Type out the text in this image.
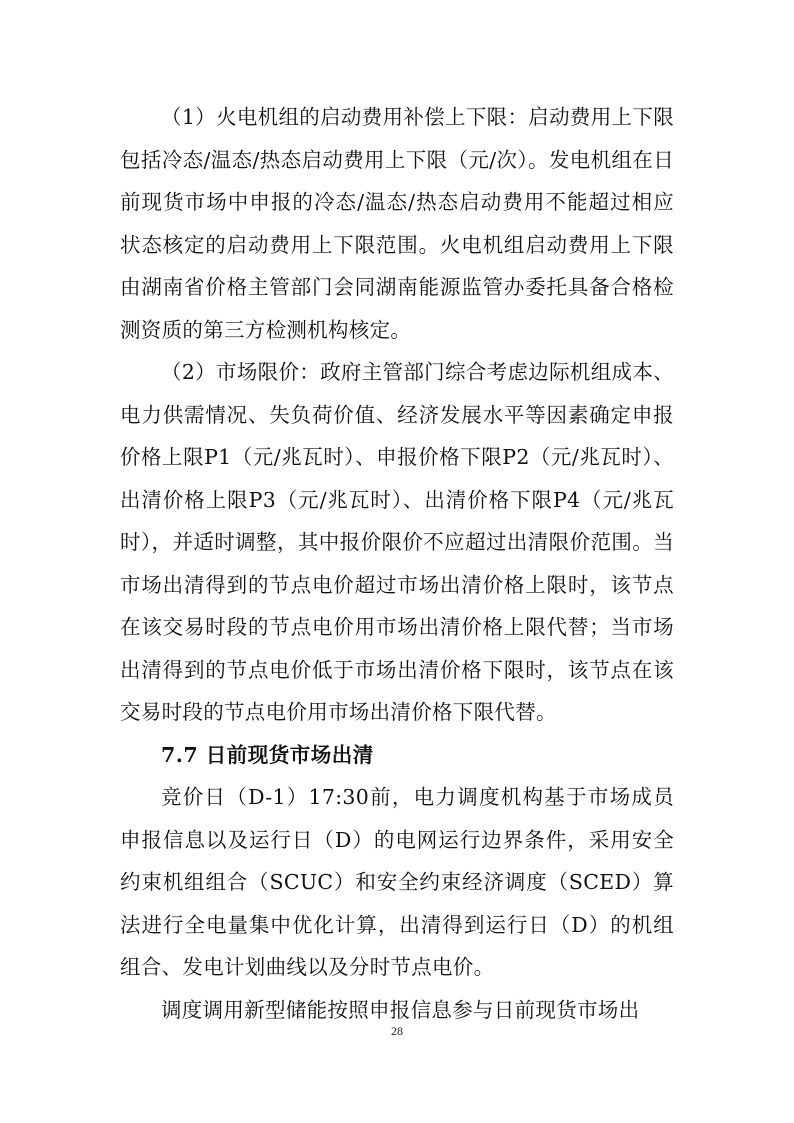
（1）火电机组的启动费用补偿上下限：启动费用上下限包括冷态/温态/热态启动费用上下限（元/次）。发电机组在日前现货市场中申报的冷态/温态/热态启动费用不能超过相应状态核定的启动费用上下限范围。火电机组启动费用上下限由湖南省价格主管部门会同湖南能源监管办委托具备合格检测资质的第三方检测机构核定。

（2）市场限价：政府主管部门综合考虑边际机组成本、电力供需情况、失负荷价值、经济发展水平等因素确定申报价格上限P1（元/兆瓦时）、申报价格下限P2（元/兆瓦时）、出清价格上限P3（元/兆瓦时）、出清价格下限P4（元/兆瓦时），并适时调整，其中报价限价不应超过出清限价范围。当市场出清得到的节点电价超过市场出清价格上限时，该节点在该交易时段的节点电价用市场出清价格上限代替；当市场出清得到的节点电价低于市场出清价格下限时，该节点在该交易时段的节点电价用市场出清价格下限代替。

7.7 日前现货市场出清

竞价日（D-1）17:30前，电力调度机构基于市场成员申报信息以及运行日（D）的电网运行边界条件，采用安全约束机组组合（SCUC）和安全约束经济调度（SCED）算法进行全电量集中优化计算，出清得到运行日（D）的机组组合、发电计划曲线以及分时节点电价。

调度调用新型储能按照申报信息参与日前现货市场出

28
